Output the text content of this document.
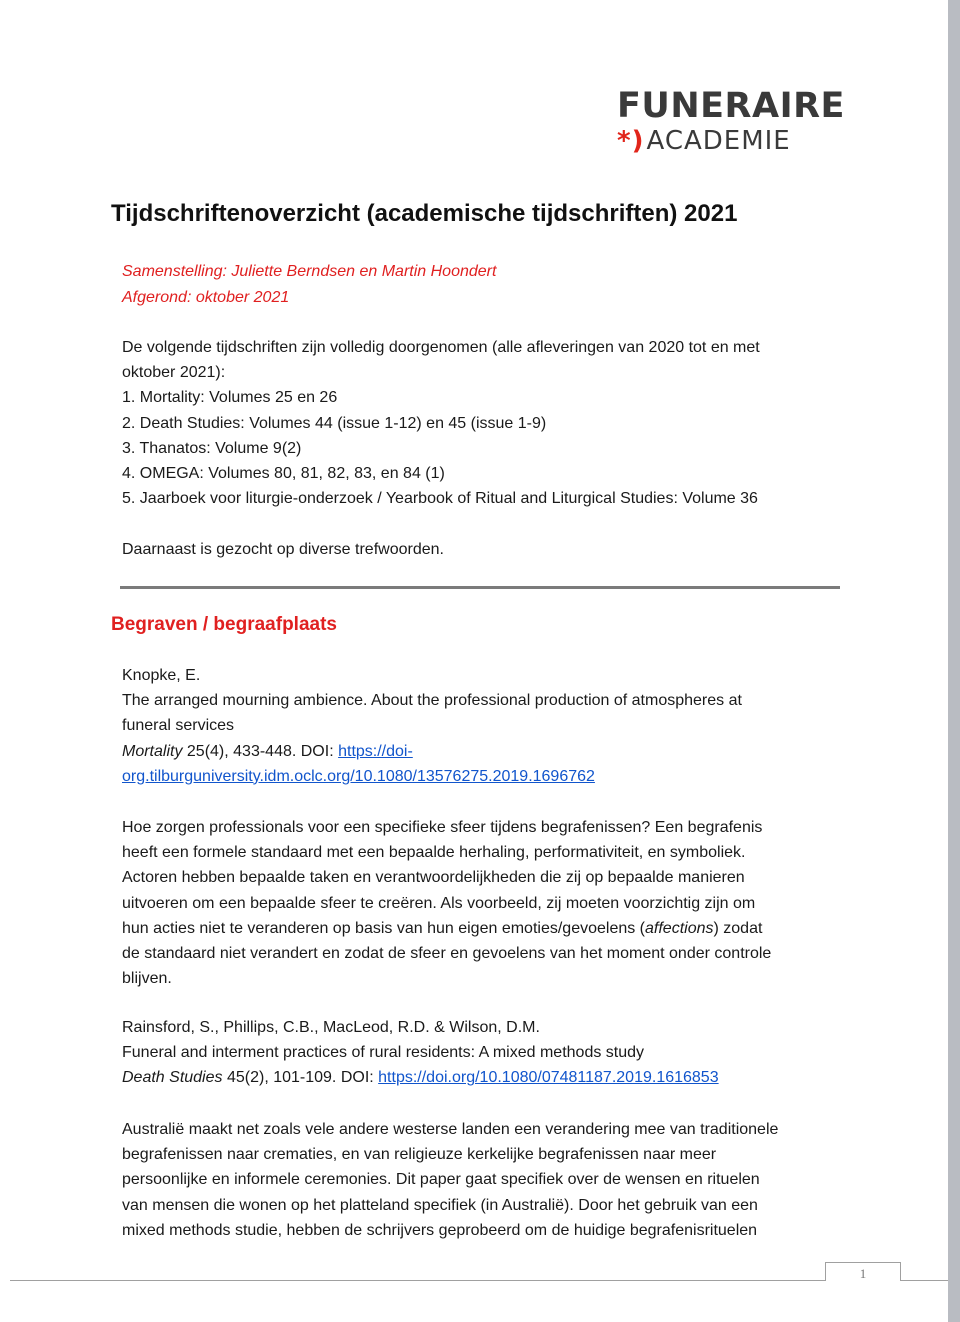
FUNERAIRE
*)ACADEMIE
Tijdschriftenoverzicht (academische tijdschriften) 2021
Samenstelling: Juliette Berndsen en Martin Hoondert
Afgerond: oktober 2021
De volgende tijdschriften zijn volledig doorgenomen (alle afleveringen van 2020 tot en met
oktober 2021):
1. Mortality: Volumes 25 en 26
2. Death Studies: Volumes 44 (issue 1-12) en 45 (issue 1-9)
3. Thanatos: Volume 9(2)
4. OMEGA: Volumes 80, 81, 82, 83, en 84 (1)
5. Jaarboek voor liturgie-onderzoek / Yearbook of Ritual and Liturgical Studies: Volume 36

Daarnaast is gezocht op diverse trefwoorden.
Begraven / begraafplaats
Knopke, E.
The arranged mourning ambience. About the professional production of atmospheres at
funeral services
Mortality 25(4), 433-448. DOI: https://doi-
org.tilburguniversity.idm.oclc.org/10.1080/13576275.2019.1696762
Hoe zorgen professionals voor een specifieke sfeer tijdens begrafenissen? Een begrafenis
heeft een formele standaard met een bepaalde herhaling, performativiteit, en symboliek.
Actoren hebben bepaalde taken en verantwoordelijkheden die zij op bepaalde manieren
uitvoeren om een bepaalde sfeer te creëren. Als voorbeeld, zij moeten voorzichtig zijn om
hun acties niet te veranderen op basis van hun eigen emoties/gevoelens (affections) zodat
de standaard niet verandert en zodat de sfeer en gevoelens van het moment onder controle
blijven.
Rainsford, S., Phillips, C.B., MacLeod, R.D. & Wilson, D.M.
Funeral and interment practices of rural residents: A mixed methods study
Death Studies 45(2), 101-109. DOI: https://doi.org/10.1080/07481187.2019.1616853
Australië maakt net zoals vele andere westerse landen een verandering mee van traditionele
begrafenissen naar crematies, en van religieuze kerkelijke begrafenissen naar meer
persoonlijke en informele ceremonies. Dit paper gaat specifiek over de wensen en rituelen
van mensen die wonen op het platteland specifiek (in Australië). Door het gebruik van een
mixed methods studie, hebben de schrijvers geprobeerd om de huidige begrafenisrituelen
1
